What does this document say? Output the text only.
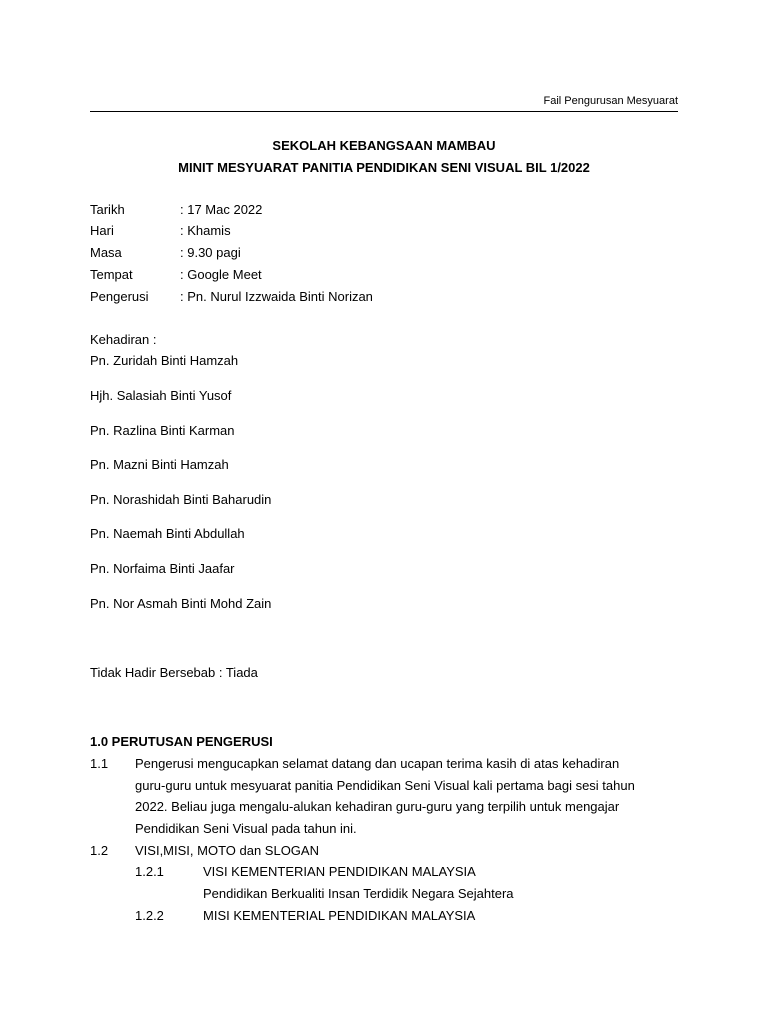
Fail Pengurusan Mesyuarat
SEKOLAH KEBANGSAAN MAMBAU
MINIT MESYUARAT PANITIA PENDIDIKAN SENI VISUAL BIL 1/2022
Tarikh	: 17 Mac 2022
Hari	: Khamis
Masa	: 9.30 pagi
Tempat	: Google Meet
Pengerusi : Pn. Nurul Izzwaida Binti Norizan
Kehadiran :
Pn. Zuridah Binti Hamzah
Hjh. Salasiah Binti Yusof
Pn. Razlina Binti Karman
Pn. Mazni Binti Hamzah
Pn. Norashidah Binti Baharudin
Pn. Naemah Binti Abdullah
Pn. Norfaima Binti Jaafar
Pn. Nor Asmah Binti Mohd Zain
Tidak Hadir Bersebab : Tiada
1.0 PERUTUSAN PENGERUSI
1.1 Pengerusi mengucapkan selamat datang dan ucapan terima kasih di atas kehadiran
guru-guru untuk mesyuarat panitia Pendidikan Seni Visual kali pertama bagi sesi tahun
2022. Beliau juga mengalu-alukan kehadiran guru-guru yang terpilih untuk mengajar
Pendidikan Seni Visual pada tahun ini.
1.2 VISI,MISI, MOTO dan SLOGAN
1.2.1	VISI KEMENTERIAN PENDIDIKAN MALAYSIA
Pendidikan Berkualiti Insan Terdidik Negara Sejahtera
1.2.2	MISI KEMENTERIAL PENDIDIKAN MALAYSIA
